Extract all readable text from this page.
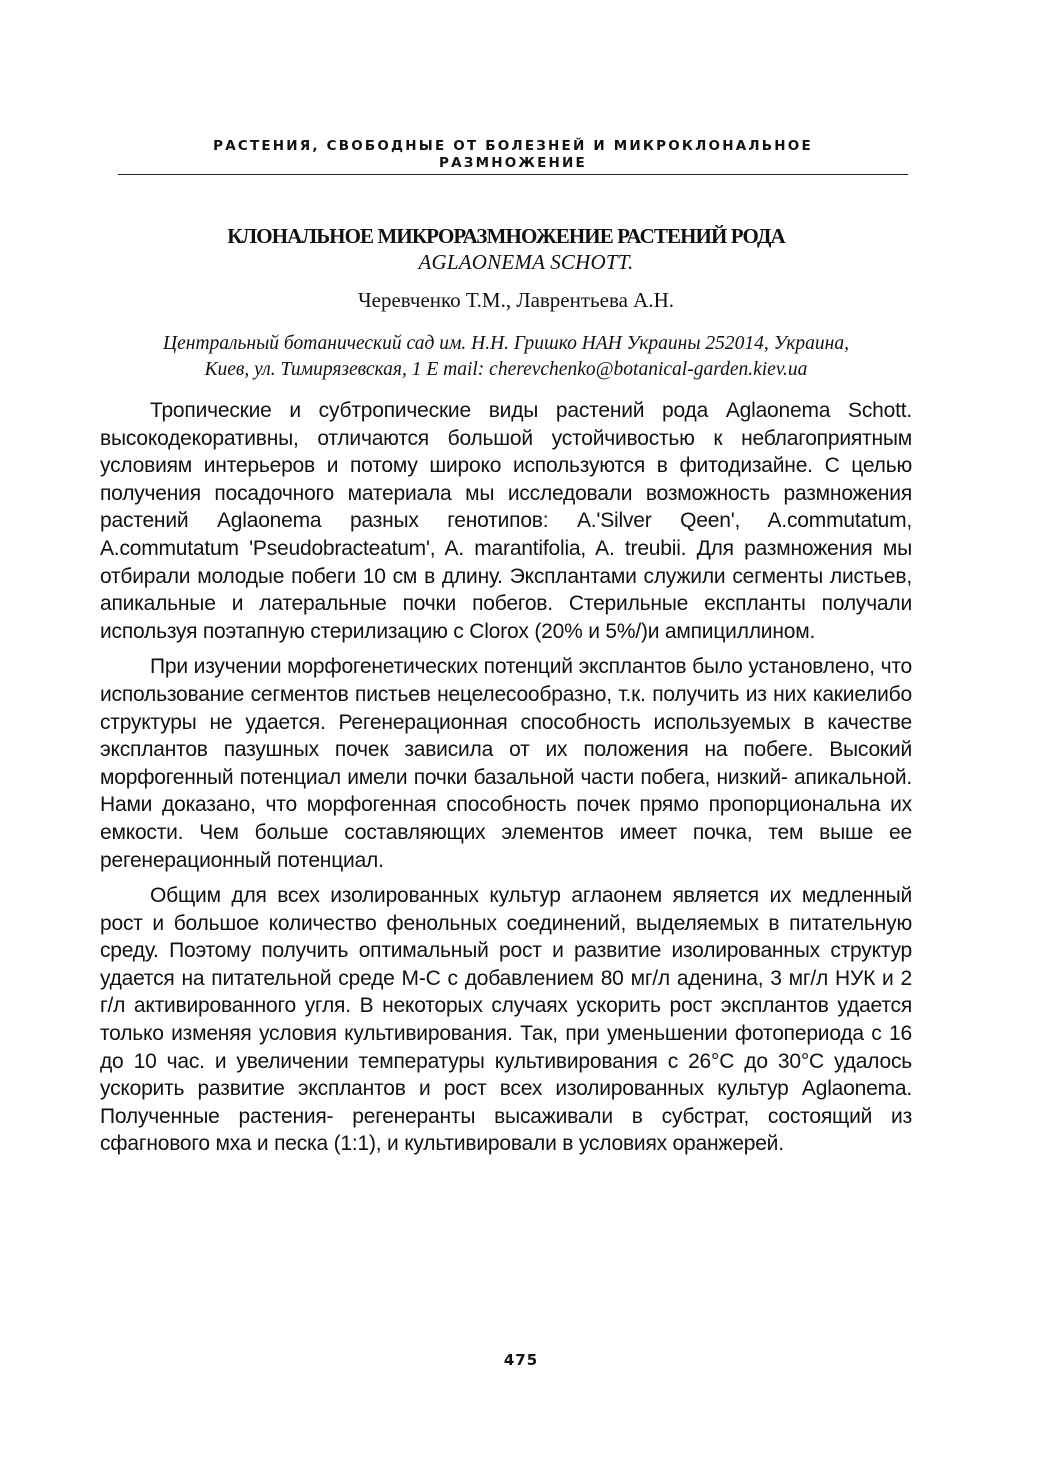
РАСТЕНИЯ, СВОБОДНЫЕ ОТ БОЛЕЗНЕЙ И МИКРОКЛОНАЛЬНОЕ РАЗМНОЖЕНИЕ
КЛОНАЛЬНОЕ МИКРОРАЗМНОЖЕНИЕ РАСТЕНИЙ РОДА
AGLAONEMA SCHOTT.
Черевченко Т.М., Лаврентьева А.Н.
Центральный ботанический сад им. Н.Н. Гришко НАН Украины 252014, Украина,
Киев, ул. Тимирязевская, 1 E mail: cherevchenko@botanical-garden.kiev.ua

Тропические и субтропические виды растений рода Aglaonema Schott. высокодекоративны, отличаются большой устойчивостью к неблагоприятным условиям интерьеров и потому широко используются в фитодизайне. С целью получения посадочного материала мы исследовали возможность размножения растений Aglaonema разных генотипов: A.'Silver Qeen', A.commutatum, A.commutatum 'Pseudobracteatum', A. marantifolia, A. treubii. Для размножения мы отбирали молодые побеги 10 см в длину. Эксплантами служили сегменты листьев, апикальные и латеральные почки побегов. Стерильные експланты получали используя поэтапную стерилизацию с Clorox (20% и 5%/)и ампициллином.

При изучении морфогенетических потенций эксплантов было установлено, что использование сегментов пистьев нецелесообразно, т.к. получить из них какиелибо структуры не удается. Регенерационная способность используемых в качестве эксплантов пазушных почек зависила от их положения на побеге. Высокий морфогенный потенциал имели почки базальной части побега, низкий- апикальной. Нами доказано, что морфогенная способность почек прямо пропорциональна их емкости. Чем больше составляющих элементов имеет почка, тем выше ее регенерационный потенциал.

Общим для всех изолированных культур аглаонем является их медленный рост и большое количество фенольных соединений, выделяемых в питательную среду. Поэтому получить оптимальный рост и развитие изолированных структур удается на питательной среде М-С с добавлением 80 мг/л аденина, 3 мг/л НУК и 2 г/л активированного угля. В некоторых случаях ускорить рост эксплантов удается только изменяя условия культивирования. Так, при уменьшении фотопериода с 16 до 10 час. и увеличении температуры культивирования с 26°С до 30°С удалось ускорить развитие эксплантов и рост всех изолированных культур Aglaonema. Полученные растения- регенеранты высаживали в субстрат, состоящий из сфагнового мха и песка (1:1), и культивировали в условиях оранжерей.

475
